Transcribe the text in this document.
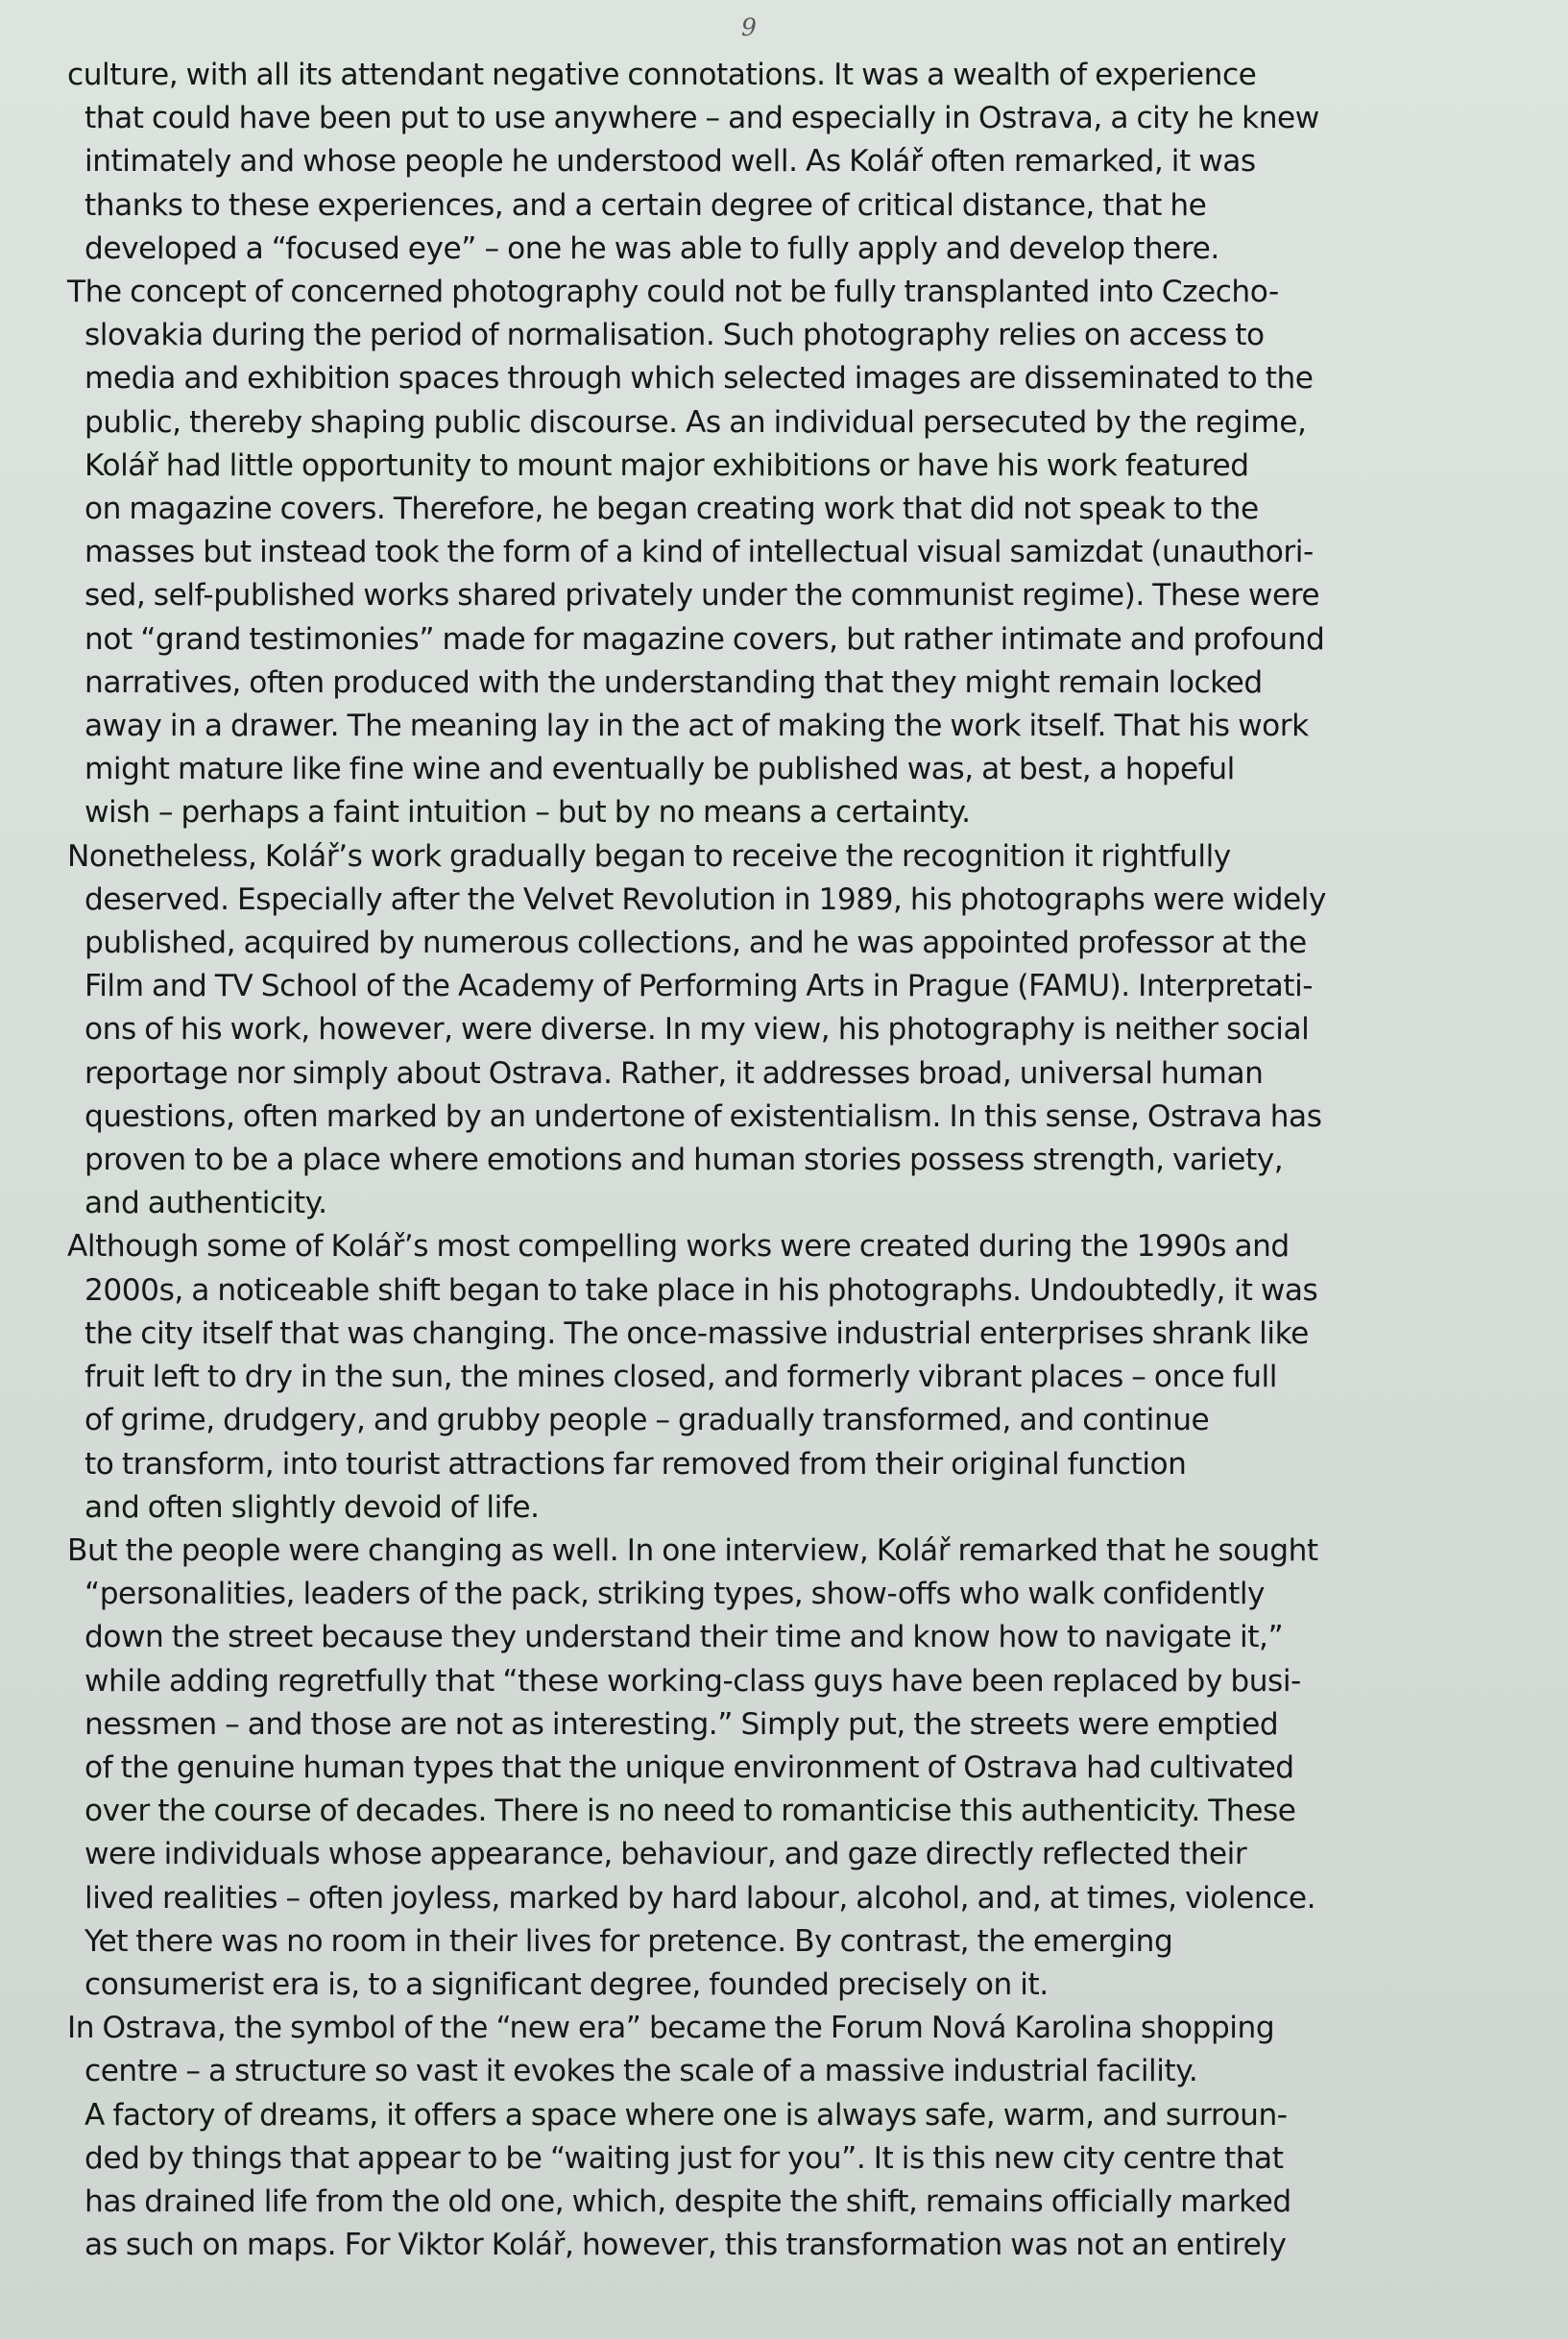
9

culture, with all its attendant negative connotations. It was a wealth of experience
that could have been put to use anywhere – and especially in Ostrava, a city he knew
intimately and whose people he understood well. As Kolář often remarked, it was
thanks to these experiences, and a certain degree of critical distance, that he
developed a “focused eye” – one he was able to fully apply and develop there.

The concept of concerned photography could not be fully transplanted into Czecho-
slovakia during the period of normalisation. Such photography relies on access to
media and exhibition spaces through which selected images are disseminated to the
public, thereby shaping public discourse. As an individual persecuted by the regime,
Kolář had little opportunity to mount major exhibitions or have his work featured
on magazine covers. Therefore, he began creating work that did not speak to the
masses but instead took the form of a kind of intellectual visual samizdat (unauthori-
sed, self-published works shared privately under the communist regime). These were
not “grand testimonies” made for magazine covers, but rather intimate and profound
narratives, often produced with the understanding that they might remain locked
away in a drawer. The meaning lay in the act of making the work itself. That his work
might mature like fine wine and eventually be published was, at best, a hopeful
wish – perhaps a faint intuition – but by no means a certainty.

Nonetheless, Kolář’s work gradually began to receive the recognition it rightfully
deserved. Especially after the Velvet Revolution in 1989, his photographs were widely
published, acquired by numerous collections, and he was appointed professor at the
Film and TV School of the Academy of Performing Arts in Prague (FAMU). Interpretati-
ons of his work, however, were diverse. In my view, his photography is neither social
reportage nor simply about Ostrava. Rather, it addresses broad, universal human
questions, often marked by an undertone of existentialism. In this sense, Ostrava has
proven to be a place where emotions and human stories possess strength, variety,
and authenticity.

Although some of Kolář’s most compelling works were created during the 1990s and
2000s, a noticeable shift began to take place in his photographs. Undoubtedly, it was
the city itself that was changing. The once-massive industrial enterprises shrank like
fruit left to dry in the sun, the mines closed, and formerly vibrant places – once full
of grime, drudgery, and grubby people – gradually transformed, and continue
to transform, into tourist attractions far removed from their original function
and often slightly devoid of life.

But the people were changing as well. In one interview, Kolář remarked that he sought
“personalities, leaders of the pack, striking types, show-offs who walk confidently
down the street because they understand their time and know how to navigate it,”
while adding regretfully that “these working-class guys have been replaced by busi-
nessmen – and those are not as interesting.” Simply put, the streets were emptied
of the genuine human types that the unique environment of Ostrava had cultivated
over the course of decades. There is no need to romanticise this authenticity. These
were individuals whose appearance, behaviour, and gaze directly reflected their
lived realities – often joyless, marked by hard labour, alcohol, and, at times, violence.
Yet there was no room in their lives for pretence. By contrast, the emerging
consumerist era is, to a significant degree, founded precisely on it.

In Ostrava, the symbol of the “new era” became the Forum Nová Karolina shopping
centre – a structure so vast it evokes the scale of a massive industrial facility.
A factory of dreams, it offers a space where one is always safe, warm, and surroun-
ded by things that appear to be “waiting just for you”. It is this new city centre that
has drained life from the old one, which, despite the shift, remains officially marked
as such on maps. For Viktor Kolář, however, this transformation was not an entirely
